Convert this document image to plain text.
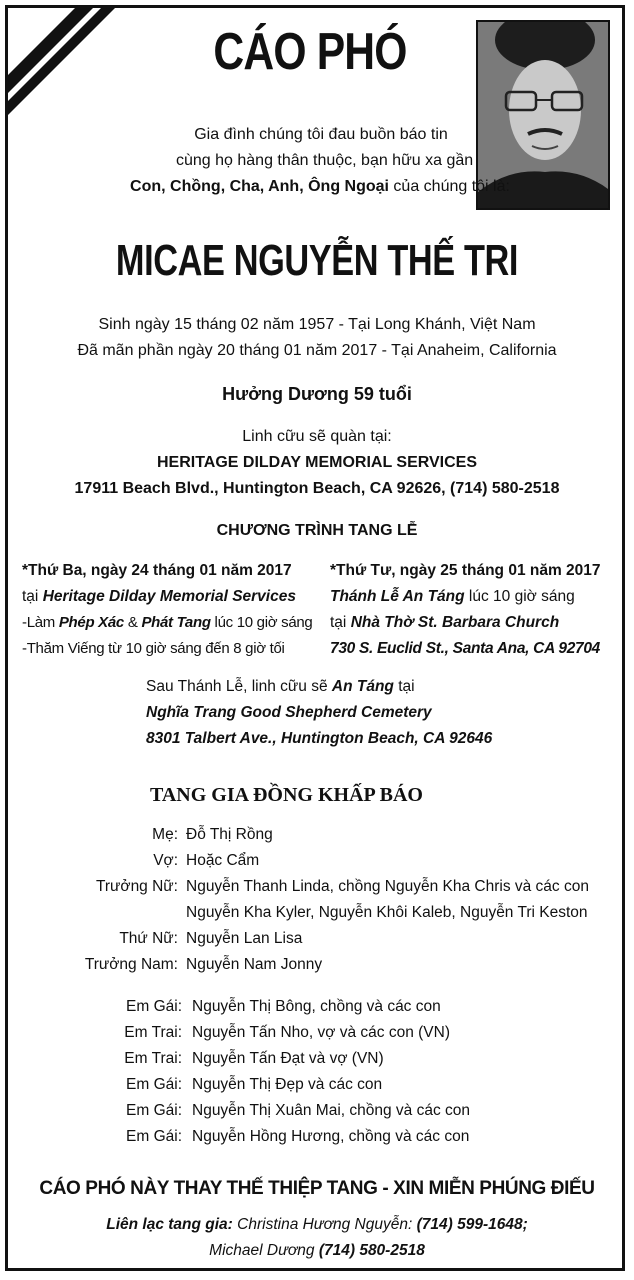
CÁO PHÓ
Gia đình chúng tôi đau buồn báo tin
cùng họ hàng thân thuộc, bạn hữu xa gần
Con, Chồng, Cha, Anh, Ông Ngoại của chúng tôi là:
MICAE NGUYỄN THẾ TRI
Sinh ngày 15 tháng 02 năm 1957 - Tại Long Khánh, Việt Nam
Đã mãn phần ngày 20 tháng 01 năm 2017 - Tại Anaheim, California
Hưởng Dương 59 tuổi
Linh cữu sẽ quàn tại:
HERITAGE DILDAY MEMORIAL SERVICES
17911 Beach Blvd., Huntington Beach, CA 92626, (714) 580-2518
CHƯƠNG TRÌNH TANG LỄ
*Thứ Ba, ngày 24 tháng 01 năm 2017
tại Heritage Dilday Memorial Services
-Làm Phép Xác & Phát Tang lúc 10 giờ sáng
-Thăm Viếng từ 10 giờ sáng đến 8 giờ tối
*Thứ Tư, ngày 25 tháng 01 năm 2017
Thánh Lễ An Táng lúc 10 giờ sáng
tại Nhà Thờ St. Barbara Church
730 S. Euclid St., Santa Ana, CA 92704
Sau Thánh Lễ, linh cữu sẽ An Táng tại
Nghĩa Trang Good Shepherd Cemetery
8301 Talbert Ave., Huntington Beach, CA 92646
TANG GIA ĐỒNG KHẤP BÁO
Mẹ: Đỗ Thị Rồng
Vợ: Hoặc Cẩm
Trưởng Nữ: Nguyễn Thanh Linda, chồng Nguyễn Kha Chris và các con
Nguyễn Kha Kyler, Nguyễn Khôi Kaleb, Nguyễn Tri Keston
Thứ Nữ: Nguyễn Lan Lisa
Trưởng Nam: Nguyễn Nam Jonny
Em Gái: Nguyễn Thị Bông, chồng và các con
Em Trai: Nguyễn Tấn Nho, vợ và các con (VN)
Em Trai: Nguyễn Tấn Đạt và vợ (VN)
Em Gái: Nguyễn Thị Đẹp và các con
Em Gái: Nguyễn Thị Xuân Mai, chồng và các con
Em Gái: Nguyễn Hồng Hương, chồng và các con
CÁO PHÓ NÀY THAY THẾ THIỆP TANG - XIN MIỄN PHÚNG ĐIẾU
Liên lạc tang gia: Christina Hương Nguyễn: (714) 599-1648;
Michael Dương (714) 580-2518
